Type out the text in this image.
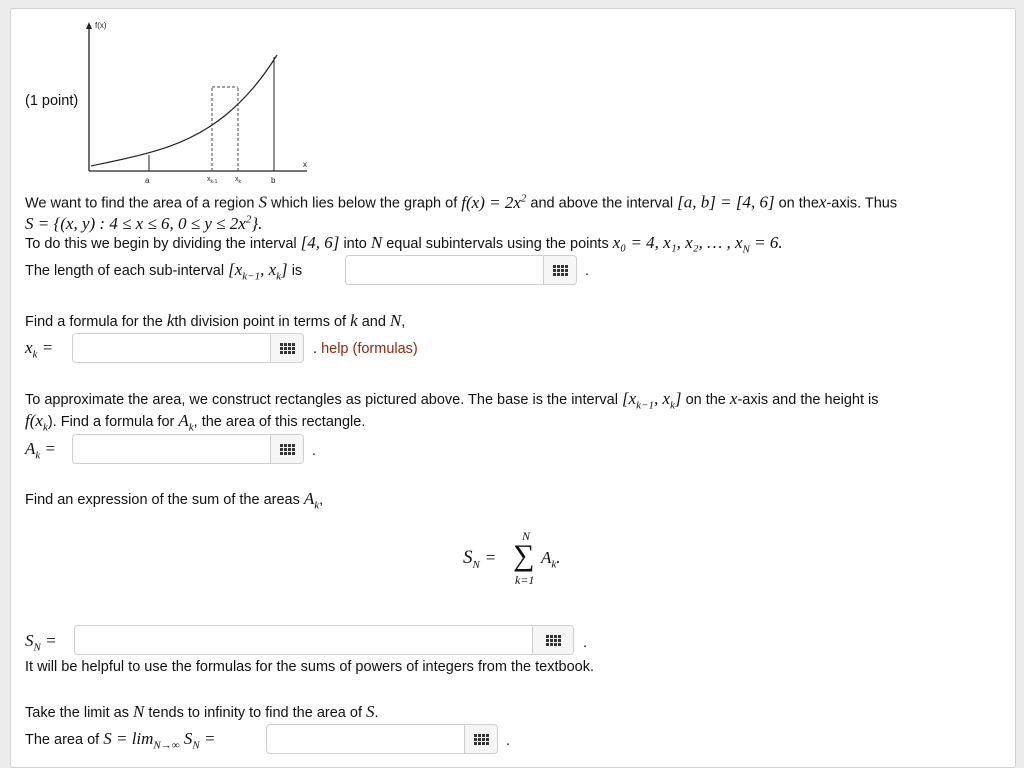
f(x)
x
a	$x_{k-1}$	$x_k$	b
(1 point)
We want to find the area of a region S which lies below the graph of $f(x) = 2x^2$ and above the interval [a, b] = [4, 6] on thex-axis. Thus
S = {(x, y) : 4 ≤ x ≤ 6, $0 \le y \le 2x^2$}.
To do this we begin by dividing the interval [4, 6] into N equal subintervals using the points x₀ = 4, x₁, x₂, … , $x_N = 6$.
The length of each sub-interval [$x_{k-1}$, $x_k$] is	.
Find a formula for the kth division point in terms of k and N,
$x_k$ =	. help (formulas)
To approximate the area, we construct rectangles as pictured above. The base is the interval [$x_{k-1}$, $x_k$] on the x-axis and the height is
$f(x_k)$. Find a formula for $A_k$, the area of this rectangle.
$A_k$ =	.
Find an expression of the sum of the areas $A_k$,
$S_N$ =
N
∑
k=1
$A_k$.
$S_N$ =	.
It will be helpful to use the formulas for the sums of powers of integers from the textbook.
Take the limit as N tends to infinity to find the area of S.
The area of $S = \lim_{N\to\infty} S_N$ =	.
